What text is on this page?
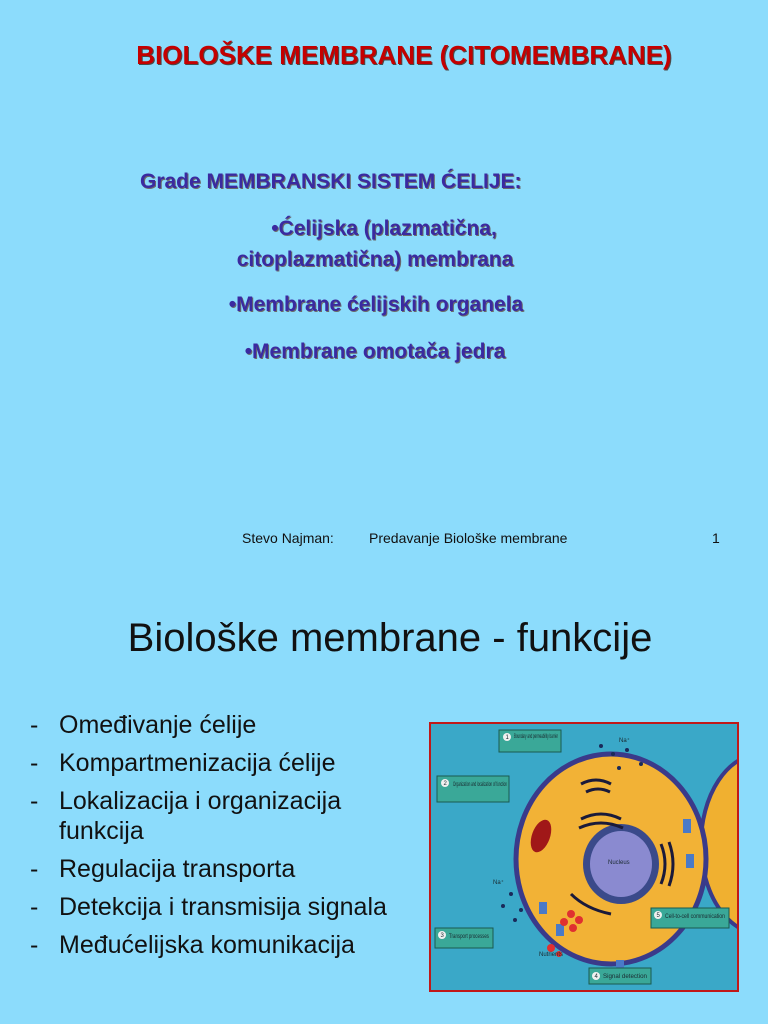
BIOLOŠKE MEMBRANE (CITOMEMBRANE)
Grade MEMBRANSKI SISTEM ĆELIJE:
•Ćelijska (plazmatična,
citoplazmatična) membrana
•Membrane ćelijskih organela
•Membrane omotača jedra
Stevo Najman:	Predavanje Biološke membrane	1
Biološke membrane - funkcije
- Omeđivanje ćelije
- Kompartmenizacija ćelije
- Lokalizacija i organizacija funkcija
- Regulacija transporta
- Detekcija i transmisija signala
- Međućelijska komunikacija
Nucleus
Na⁺
Na⁺
1 Boundary and permeability barrier
2 Organization and localization of function
3 Transport processes
4 Signal detection
5 Cell-to-cell communication
Nutrients
